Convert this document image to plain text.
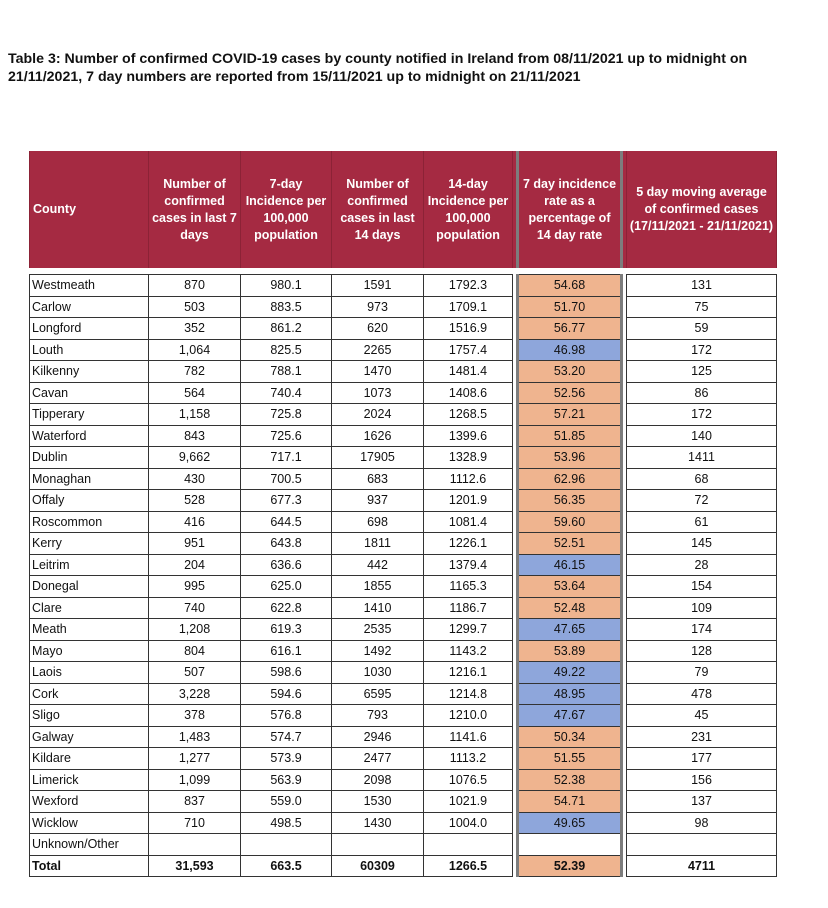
Table 3: Number of confirmed COVID-19 cases by county notified in Ireland from 08/11/2021 up to midnight on 21/11/2021, 7 day numbers are reported from 15/11/2021 up to midnight on 21/11/2021
County	Number of confirmed cases in last 7 days	7-day Incidence per 100,000 population	Number of confirmed cases in last 14 days	14-day Incidence per 100,000 population		7 day incidence rate as a percentage of 14 day rate		5 day moving average of confirmed cases (17/11/2021 - 21/11/2021)

Westmeath	870	980.1	1591	1792.3		54.68		131
Carlow	503	883.5	973	1709.1		51.70		75
Longford	352	861.2	620	1516.9		56.77		59
Louth	1,064	825.5	2265	1757.4		46.98		172
Kilkenny	782	788.1	1470	1481.4		53.20		125
Cavan	564	740.4	1073	1408.6		52.56		86
Tipperary	1,158	725.8	2024	1268.5		57.21		172
Waterford	843	725.6	1626	1399.6		51.85		140
Dublin	9,662	717.1	17905	1328.9		53.96		1411
Monaghan	430	700.5	683	1112.6		62.96		68
Offaly	528	677.3	937	1201.9		56.35		72
Roscommon	416	644.5	698	1081.4		59.60		61
Kerry	951	643.8	1811	1226.1		52.51		145
Leitrim	204	636.6	442	1379.4		46.15		28
Donegal	995	625.0	1855	1165.3		53.64		154
Clare	740	622.8	1410	1186.7		52.48		109
Meath	1,208	619.3	2535	1299.7		47.65		174
Mayo	804	616.1	1492	1143.2		53.89		128
Laois	507	598.6	1030	1216.1		49.22		79
Cork	3,228	594.6	6595	1214.8		48.95		478
Sligo	378	576.8	793	1210.0		47.67		45
Galway	1,483	574.7	2946	1141.6		50.34		231
Kildare	1,277	573.9	2477	1113.2		51.55		177
Limerick	1,099	563.9	2098	1076.5		52.38		156
Wexford	837	559.0	1530	1021.9		54.71		137
Wicklow	710	498.5	1430	1004.0		49.65		98
Unknown/Other								
Total	31,593	663.5	60309	1266.5		52.39		4711
